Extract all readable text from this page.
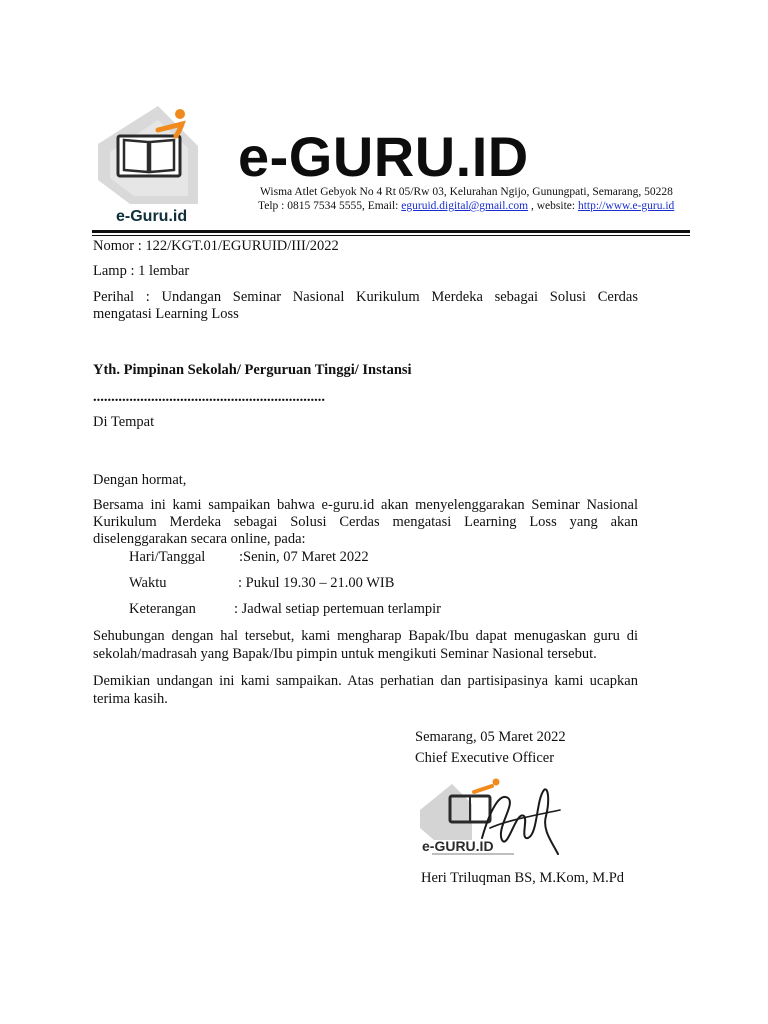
e-Guru.id
e-GURU.ID
Wisma Atlet Gebyok No 4 Rt 05/Rw 03, Kelurahan Ngijo, Gunungpati, Semarang, 50228
Telp : 0815 7534 5555, Email: eguruid.digital@gmail.com , website: http://www.e-guru.id
Nomor : 122/KGT.01/EGURUID/III/2022
Lamp : 1 lembar
Perihal : Undangan Seminar Nasional Kurikulum Merdeka sebagai Solusi Cerdas
mengatasi Learning Loss
Yth. Pimpinan Sekolah/ Perguruan Tinggi/ Instansi
................................................................
Di Tempat
Dengan hormat,
Bersama ini kami sampaikan bahwa e-guru.id akan menyelenggarakan Seminar Nasional
Kurikulum Merdeka sebagai Solusi Cerdas mengatasi Learning Loss yang akan
diselenggarakan secara online, pada:
Hari/Tanggal :Senin, 07 Maret 2022
Waktu	: Pukul 19.30 – 21.00 WIB
Keterangan	: Jadwal setiap pertemuan terlampir
Sehubungan dengan hal tersebut, kami mengharap Bapak/Ibu dapat menugaskan guru di
sekolah/madrasah yang Bapak/Ibu pimpin untuk mengikuti Seminar Nasional tersebut.
Demikian undangan ini kami sampaikan. Atas perhatian dan partisipasinya kami ucapkan
terima kasih.
Semarang, 05 Maret 2022
Chief Executive Officer
e-GURU.ID
Heri Triluqman BS, M.Kom, M.Pd
